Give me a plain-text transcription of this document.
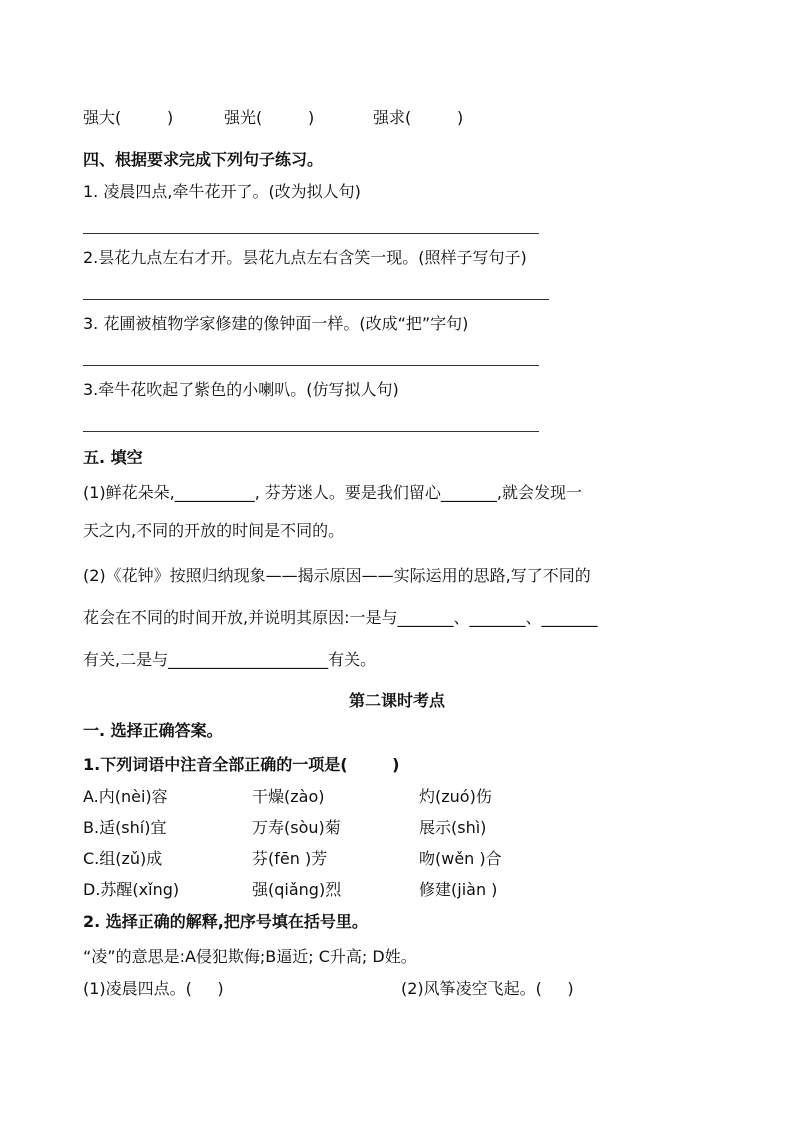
强大(         )	强光(         )	强求(         )
四、根据要求完成下列句子练习。
1. 凌晨四点,牵牛花开了。(改为拟人句)
2.昙花九点左右才开。昙花九点左右含笑一现。(照样子写句子)
3. 花圃被植物学家修建的像钟面一样。(改成“把”字句)
3.牵牛花吹起了紫色的小喇叭。(仿写拟人句)
五. 填空
(1)鲜花朵朵,__________, 芬芳迷人。要是我们留心_______,就会发现一
天之内,不同的开放的时间是不同的。
(2)《花钟》按照归纳现象——揭示原因——实际运用的思路,写了不同的
花会在不同的时间开放,并说明其原因:一是与_______、_______、_______
有关,二是与____________________有关。
第二课时考点
一. 选择正确答案。
1.下列词语中注音全部正确的一项是(        )
A.内(nèi)容	干燥(zào)	灼(zuó)伤
B.适(shí)宜	万寿(sòu)菊	展示(shì)
C.组(zǔ)成	芬(fēn )芳	吻(wěn )合
D.苏醒(xǐng)	强(qiǎng)烈	修建(jiàn )
2. 选择正确的解释,把序号填在括号里。
“凌”的意思是:A侵犯欺侮;B逼近; C升高; D姓。
(1)凌晨四点。(     )	(2)风筝凌空飞起。(     )
